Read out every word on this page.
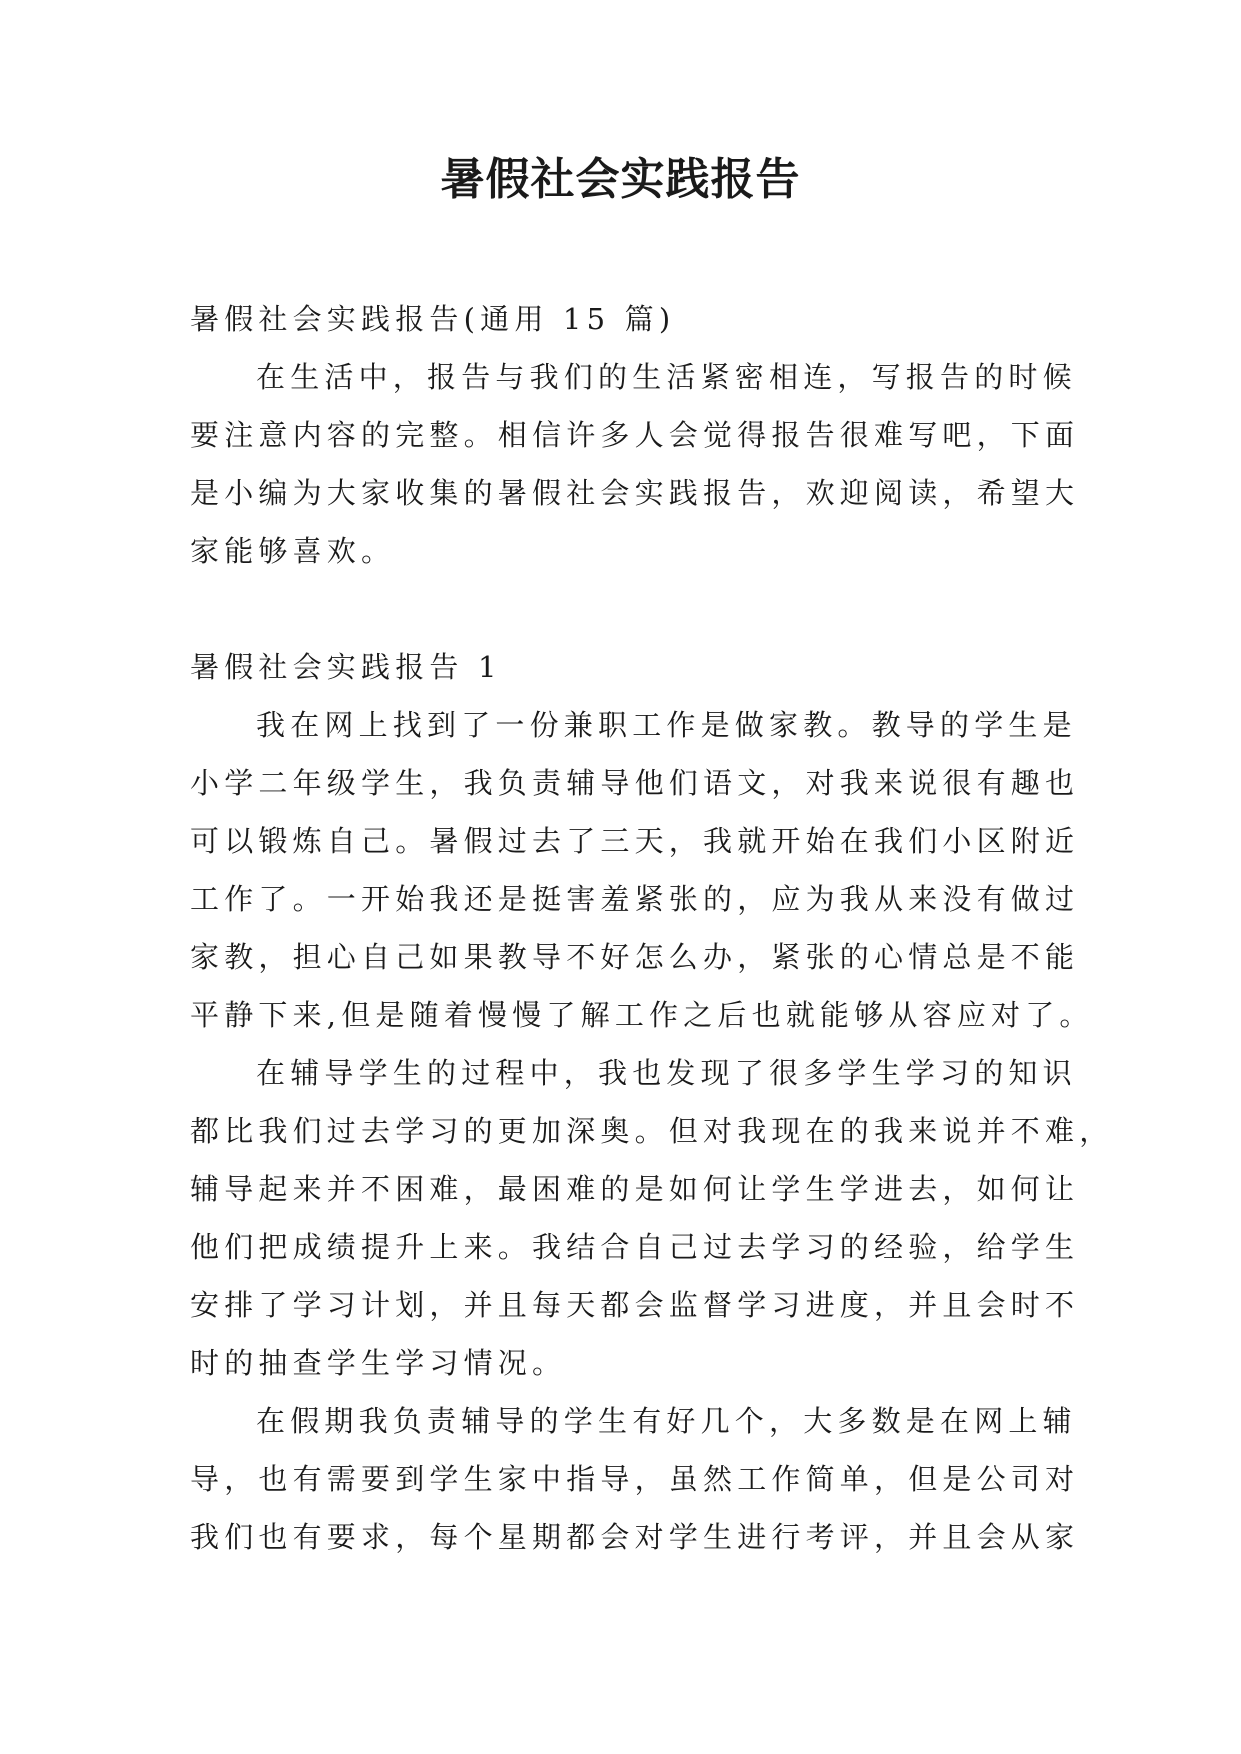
暑假社会实践报告
暑假社会实践报告(通用 15 篇)
在生活中，报告与我们的生活紧密相连，写报告的时候
要注意内容的完整。相信许多人会觉得报告很难写吧，下面
是小编为大家收集的暑假社会实践报告，欢迎阅读，希望大
家能够喜欢。
暑假社会实践报告 1
我在网上找到了一份兼职工作是做家教。教导的学生是
小学二年级学生，我负责辅导他们语文，对我来说很有趣也
可以锻炼自己。暑假过去了三天，我就开始在我们小区附近
工作了。一开始我还是挺害羞紧张的，应为我从来没有做过
家教，担心自己如果教导不好怎么办，紧张的心情总是不能
平静下来,但是随着慢慢了解工作之后也就能够从容应对了。
在辅导学生的过程中，我也发现了很多学生学习的知识
都比我们过去学习的更加深奥。但对我现在的我来说并不难，
辅导起来并不困难，最困难的是如何让学生学进去，如何让
他们把成绩提升上来。我结合自己过去学习的经验，给学生
安排了学习计划，并且每天都会监督学习进度，并且会时不
时的抽查学生学习情况。
在假期我负责辅导的学生有好几个，大多数是在网上辅
导，也有需要到学生家中指导，虽然工作简单，但是公司对
我们也有要求，每个星期都会对学生进行考评，并且会从家
